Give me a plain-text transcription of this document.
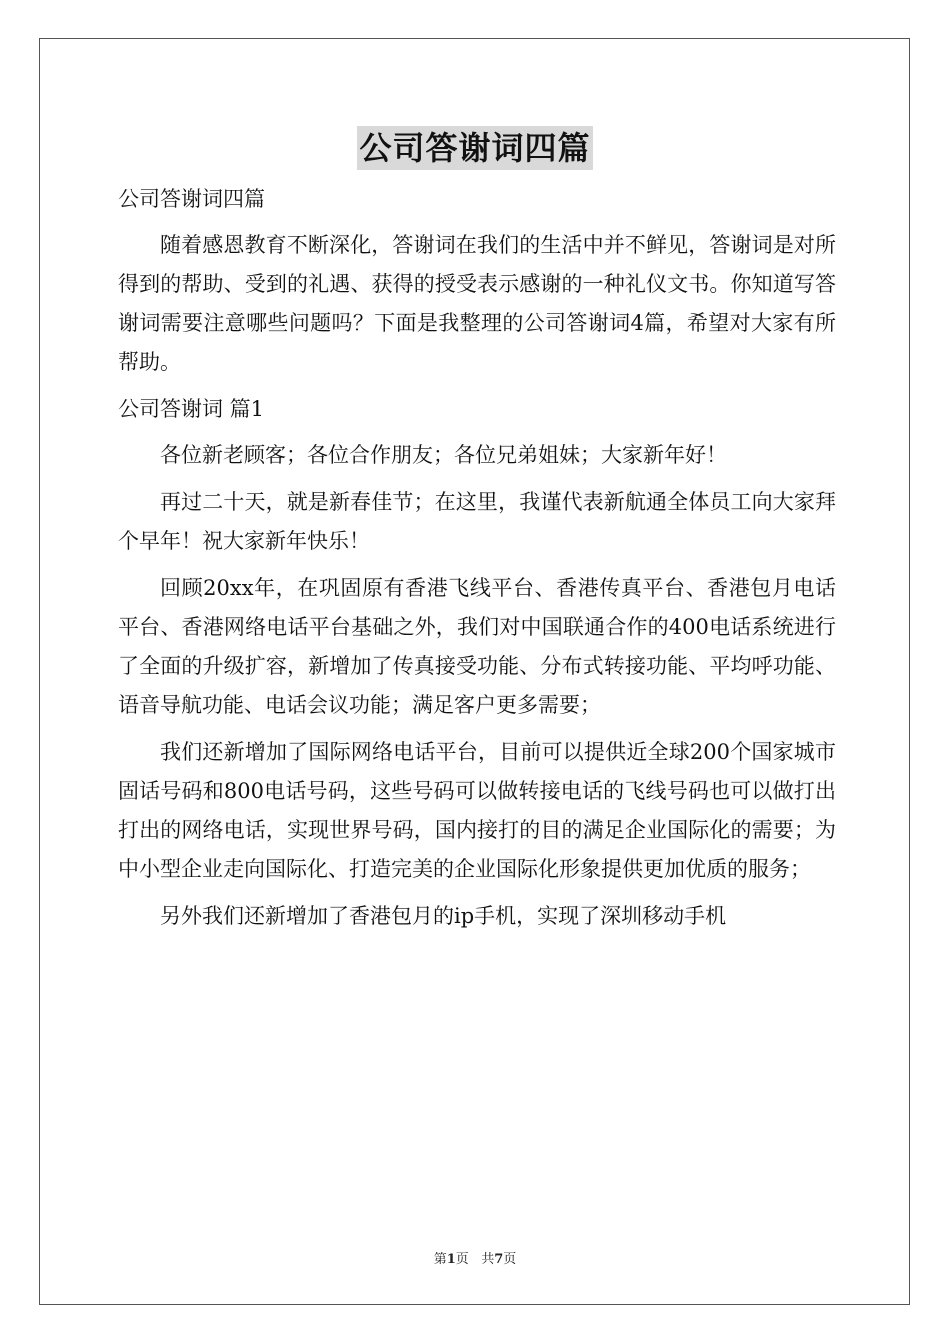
公司答谢词四篇
公司答谢词四篇

随着感恩教育不断深化，答谢词在我们的生活中并不鲜见，答谢词是对所得到的帮助、受到的礼遇、获得的授受表示感谢的一种礼仪文书。你知道写答谢词需要注意哪些问题吗？下面是我整理的公司答谢词4篇，希望对大家有所帮助。

公司答谢词 篇1

各位新老顾客；各位合作朋友；各位兄弟姐妹；大家新年好！

再过二十天，就是新春佳节；在这里，我谨代表新航通全体员工向大家拜个早年！祝大家新年快乐！

回顾20xx年，在巩固原有香港飞线平台、香港传真平台、香港包月电话平台、香港网络电话平台基础之外，我们对中国联通合作的400电话系统进行了全面的升级扩容，新增加了传真接受功能、分布式转接功能、平均呼功能、语音导航功能、电话会议功能；满足客户更多需要；

我们还新增加了国际网络电话平台，目前可以提供近全球200个国家城市固话号码和800电话号码，这些号码可以做转接电话的飞线号码也可以做打出打出的网络电话，实现世界号码，国内接打的目的满足企业国际化的需要；为中小型企业走向国际化、打造完美的企业国际化形象提供更加优质的服务；

另外我们还新增加了香港包月的ip手机，实现了深圳移动手机

第1页   共7页
